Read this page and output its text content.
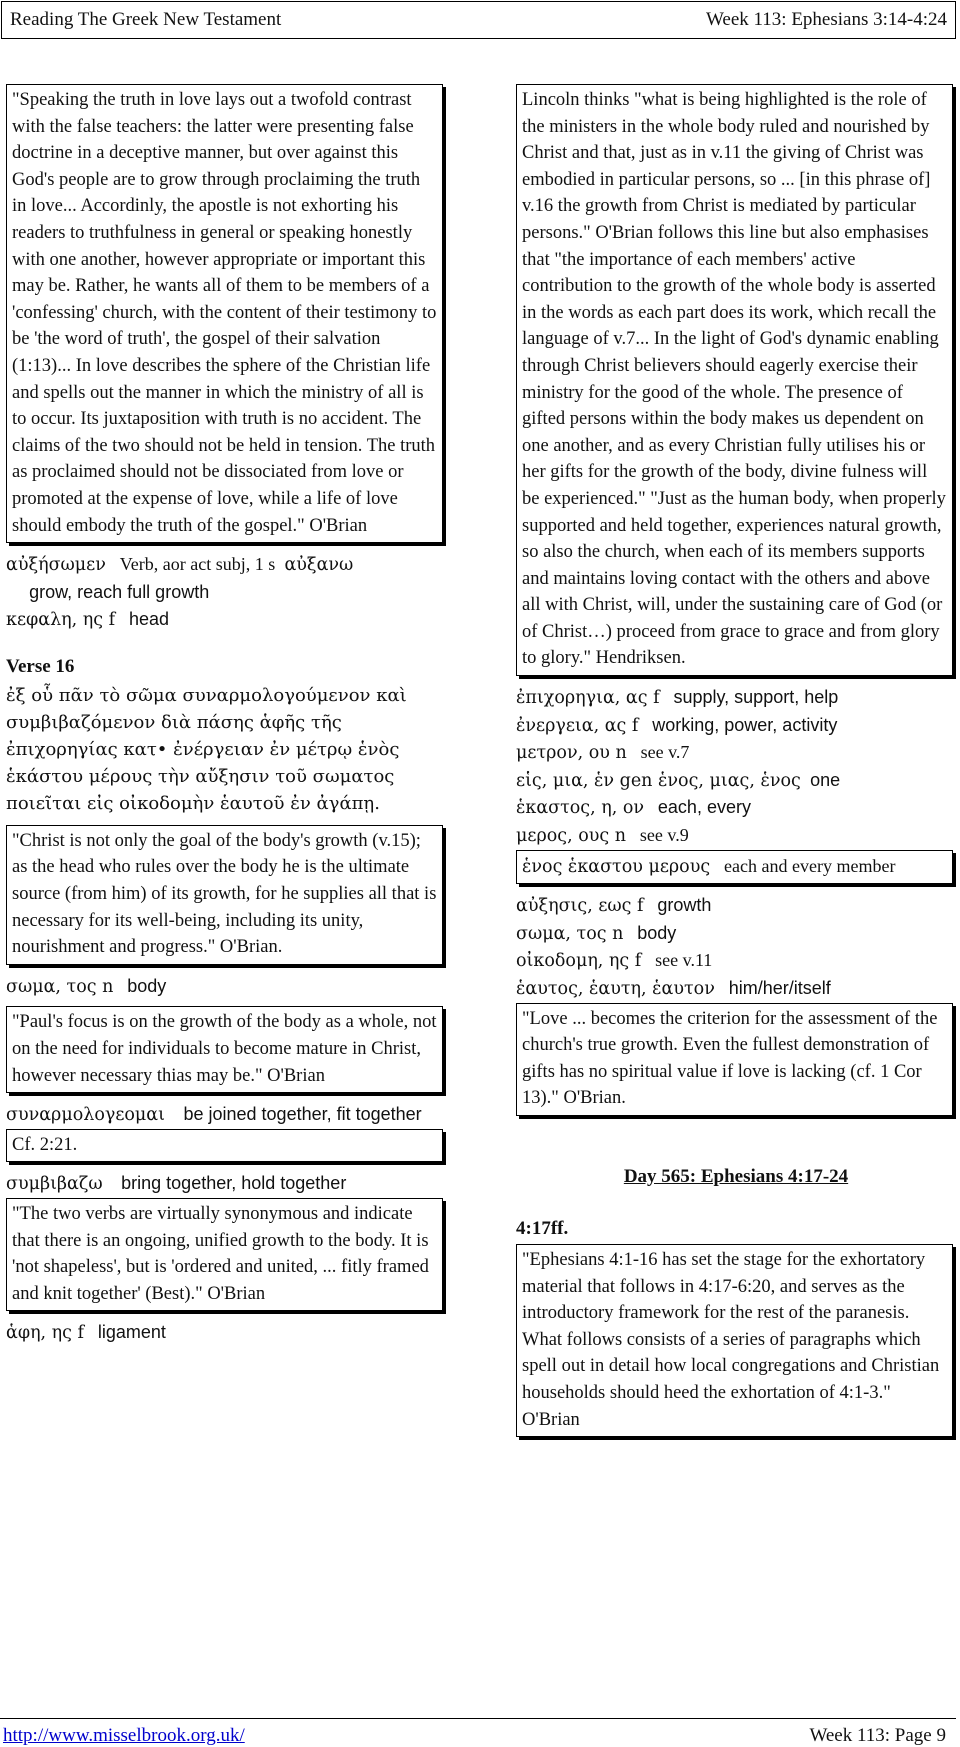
Reading The Greek New Testament	Week 113: Ephesians 3:14-4:24

"Speaking the truth in love lays out a twofold contrast with the false teachers: the latter were presenting false doctrine in a deceptive manner, but over against this God's people are to grow through proclaiming the truth in love... Accordinly, the apostle is not exhorting his readers to truthfulness in general or speaking honestly with one another, however appropriate or important this may be. Rather, he wants all of them to be members of a 'confessing' church, with the content of their testimony to be 'the word of truth', the gospel of their salvation (1:13)... In love describes the sphere of the Christian life and spells out the manner in which the ministry of all is to occur. Its juxtaposition with truth is no accident. The claims of the two should not be held in tension. The truth as proclaimed should not be dissociated from love or promoted at the expense of love, while a life of love should embody the truth of the gospel." O'Brian

αὐξήσωμεν Verb, aor act subj, 1 s αὐξανω
grow, reach full growth

κεφαλη, ης f head

Verse 16

ἐξ οὗ πᾶν τὸ σῶμα συναρμολογούμενον καὶ συμβιβαζόμενον διὰ πάσης ἁφῆς τῆς ἐπιχορηγίας κατ• ἐνέργειαν ἐν μέτρῳ ἑνὸς ἑκάστου μέρους τὴν αὔξησιν τοῦ σωματος ποιεῖται εἰς οἰκοδομὴν ἑαυτοῦ ἐν ἀγάπῃ.

"Christ is not only the goal of the body's growth (v.15); as the head who rules over the body he is the ultimate source (from him) of its growth, for he supplies all that is necessary for its well-being, including its unity, nourishment and progress." O'Brian.

σωμα, τος n body

"Paul's focus is on the growth of the body as a whole, not on the need for individuals to become mature in Christ, however necessary thias may be." O'Brian

συναρμολογεομαι be joined together, fit together

Cf. 2:21.

συμβιβαζω bring together, hold together

"The two verbs are virtually synonymous and indicate that there is an ongoing, unified growth to the body. It is 'not shapeless', but is 'ordered and united, ... fitly framed and knit together' (Best)." O'Brian

ἁφη, ης f ligament

Lincoln thinks "what is being highlighted is the role of the ministers in the whole body ruled and nourished by Christ and that, just as in v.11 the giving of Christ was embodied in particular persons, so ... [in this phrase of] v.16 the growth from Christ is mediated by particular persons." O'Brian follows this line but also emphasises that "the importance of each members' active contribution to the growth of the whole body is asserted in the words as each part does its work, which recall the language of v.7... In the light of God's dynamic enabling through Christ believers should eagerly exercise their ministry for the good of the whole. The presence of gifted persons within the body makes us dependent on one another, and as every Christian fully utilises his or her gifts for the growth of the body, divine fulness will be experienced." "Just as the human body, when properly supported and held together, experiences natural growth, so also the church, when each of its members supports and maintains loving contact with the others and above all with Christ, will, under the sustaining care of God (or of Christ…) proceed from grace to grace and from glory to glory." Hendriksen.

ἐπιχορηγια, ας f supply, support, help

ἐνεργεια, ας f working, power, activity

μετρον, ου n see v.7

εἱς, μια, ἑν gen ἑνος, μιας, ἑνος one

ἑκαστος, η, ον each, every

μερος, ους n see v.9

ἑνος ἑκαστου μερους each and every member

αὐξησις, εως f growth

σωμα, τος n body

οἰκοδομη, ης f see v.11

ἑαυτος, ἑαυτη, ἑαυτον him/her/itself

"Love ... becomes the criterion for the assessment of the church's true growth. Even the fullest demonstration of gifts has no spiritual value if love is lacking (cf. 1 Cor 13)." O'Brian.

Day 565: Ephesians 4:17-24
4:17ff.

"Ephesians 4:1-16 has set the stage for the exhortatory material that follows in 4:17-6:20, and serves as the introductory framework for the rest of the paranesis. What follows consists of a series of paragraphs which spell out in detail how local congregations and Christian households should heed the exhortation of 4:1-3." O'Brian

http://www.misselbrook.org.uk/	Week 113: Page 9
